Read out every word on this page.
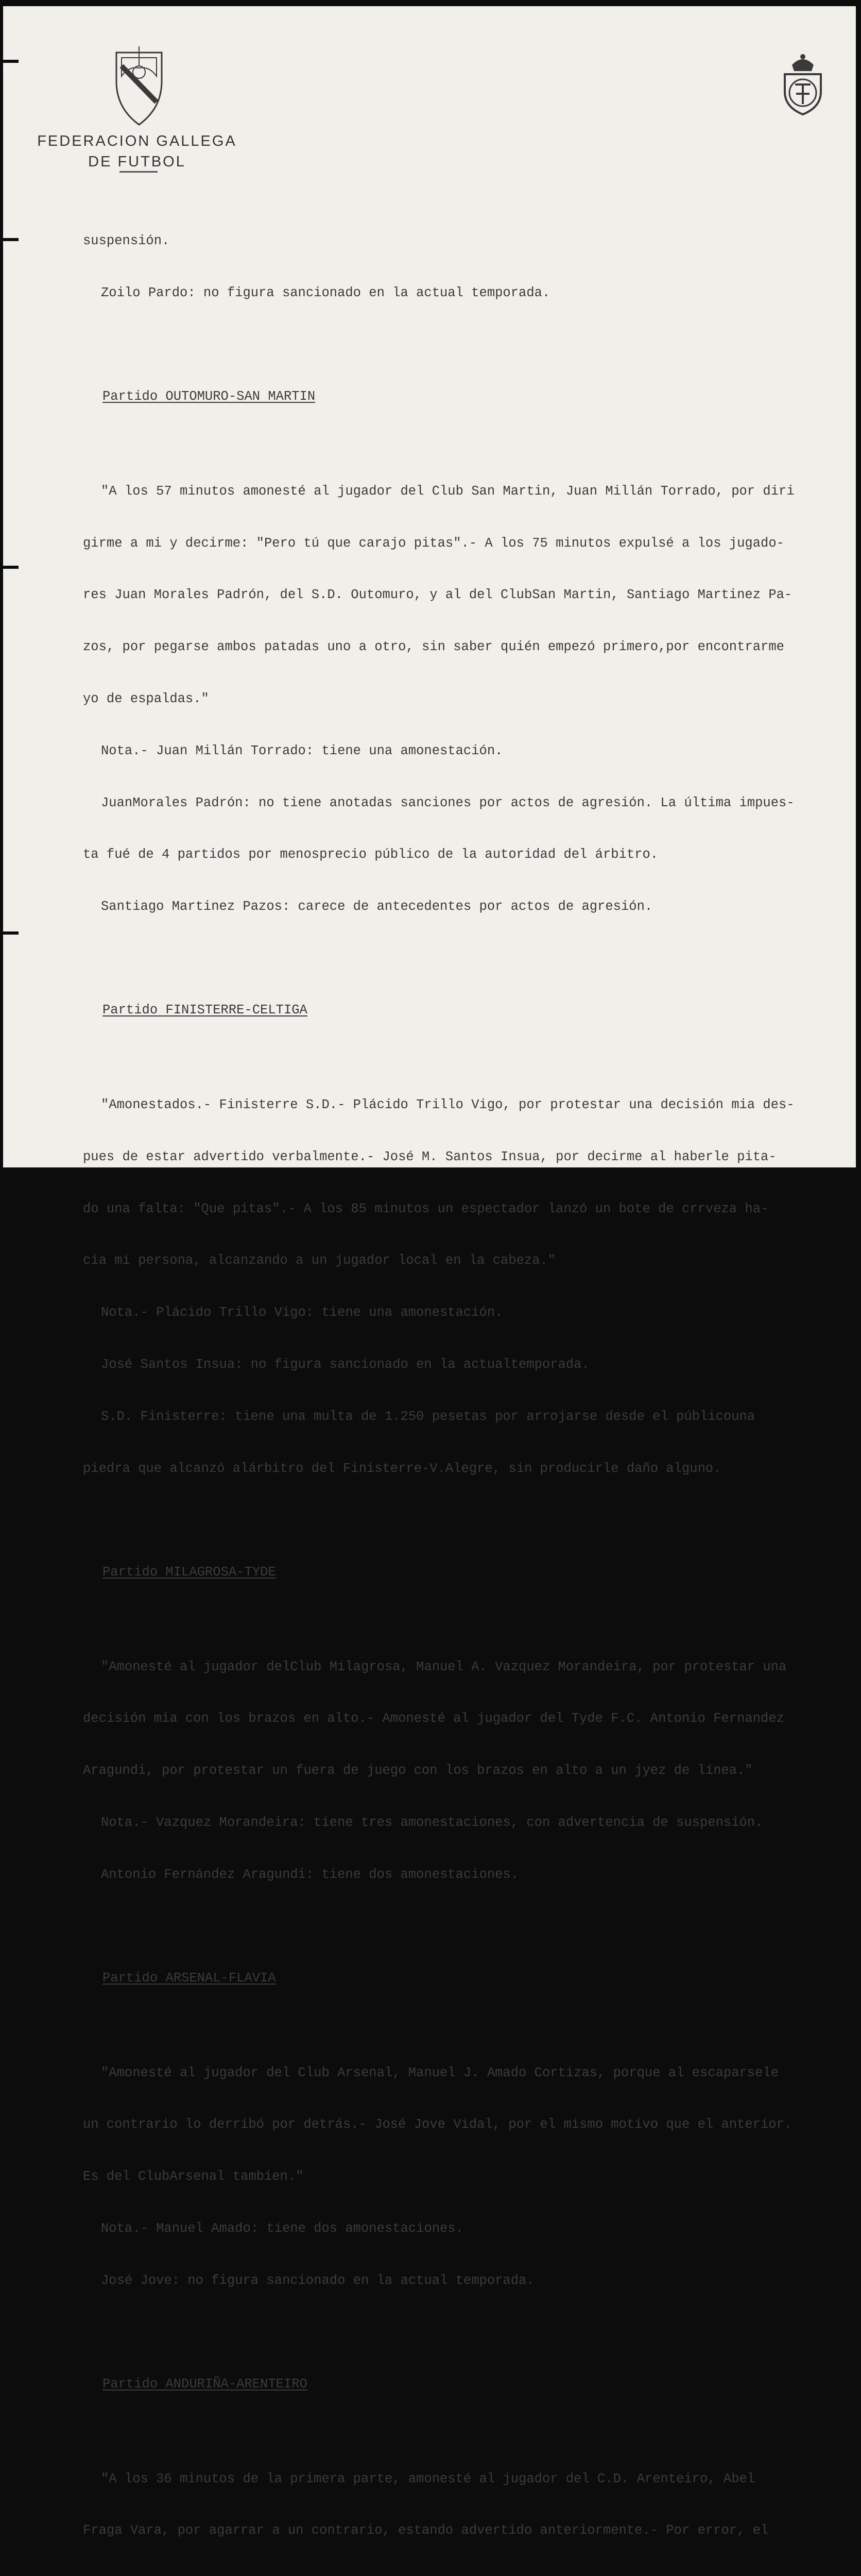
FEDERACION GALLEGA
DE FUTBOL

suspensión.

Zoilo Pardo: no figura sancionado en la actual temporada.

Partido OUTOMURO-SAN MARTIN

"A los 57 minutos amonesté al jugador del Club San Martin, Juan Millán Torrado, por diri

girme a mi y decirme: "Pero tú que carajo pitas".- A los 75 minutos expulsé a los jugado-

res Juan Morales Padrón, del S.D. Outomuro, y al del ClubSan Martin, Santiago Martinez Pa-

zos, por pegarse ambos patadas uno a otro, sin saber quién empezó primero,por encontrarme

yo de espaldas."

Nota.- Juan Millán Torrado: tiene una amonestación.

JuanMorales Padrón: no tiene anotadas sanciones por actos de agresión. La última impues-

ta fué de 4 partidos por menosprecio público de la autoridad del árbitro.

Santiago Martinez Pazos: carece de antecedentes por actos de agresión.

Partido FINISTERRE-CELTIGA

"Amonestados.- Finisterre S.D.- Plácido Trillo Vigo, por protestar una decisión mia des-

pues de estar advertido verbalmente.- José M. Santos Insua, por decirme al haberle pita-

do una falta: "Que pitas".- A los 85 minutos un espectador lanzó un bote de crrveza ha-

cia mi persona, alcanzando a un jugador local en la cabeza."

Nota.- Plácido Trillo Vigo: tiene una amonestación.

José Santos Insua: no figura sancionado en la actualtemporada.

S.D. Finisterre: tiene una multa de 1.250 pesetas por arrojarse desde el públicouna

piedra que alcanzó alárbitro del Finisterre-V.Alegre, sin producirle daño alguno.

Partido MILAGROSA-TYDE

"Amonesté al jugador delClub Milagrosa, Manuel A. Vazquez Morandeira, por protestar una

decisión mia con los brazos en alto.- Amonesté al jugador del Tyde F.C. Antonio Fernandez

Aragundi, por protestar un fuera de juego con los brazos en alto a un jyez de línea."

Nota.- Vazquez Morandeira: tiene tres amonestaciones, con advertencia de suspensión.

Antonio Fernández Aragundi: tiene dos amonestaciones.

Partido ARSENAL-FLAVIA

"Amonesté al jugador del Club Arsenal, Manuel J. Amado Cortizas, porque al escaparsele

un contrario lo derribó por detrás.- José Jove Vidal, por el mismo motivo que el anterior.

Es del ClubArsenal tambien."

Nota.- Manuel Amado: tiene dos amonestaciones.

José Jove: no figura sancionado en la actual temporada.

Partido ANDURIÑA-ARENTEIRO

"A los 36 minutos de la primera parte, amonesté al jugador del C.D. Arenteiro, Abel

Fraga Vara, por agarrar a un contrario, estando advertido anteriormente.- Por error, el
